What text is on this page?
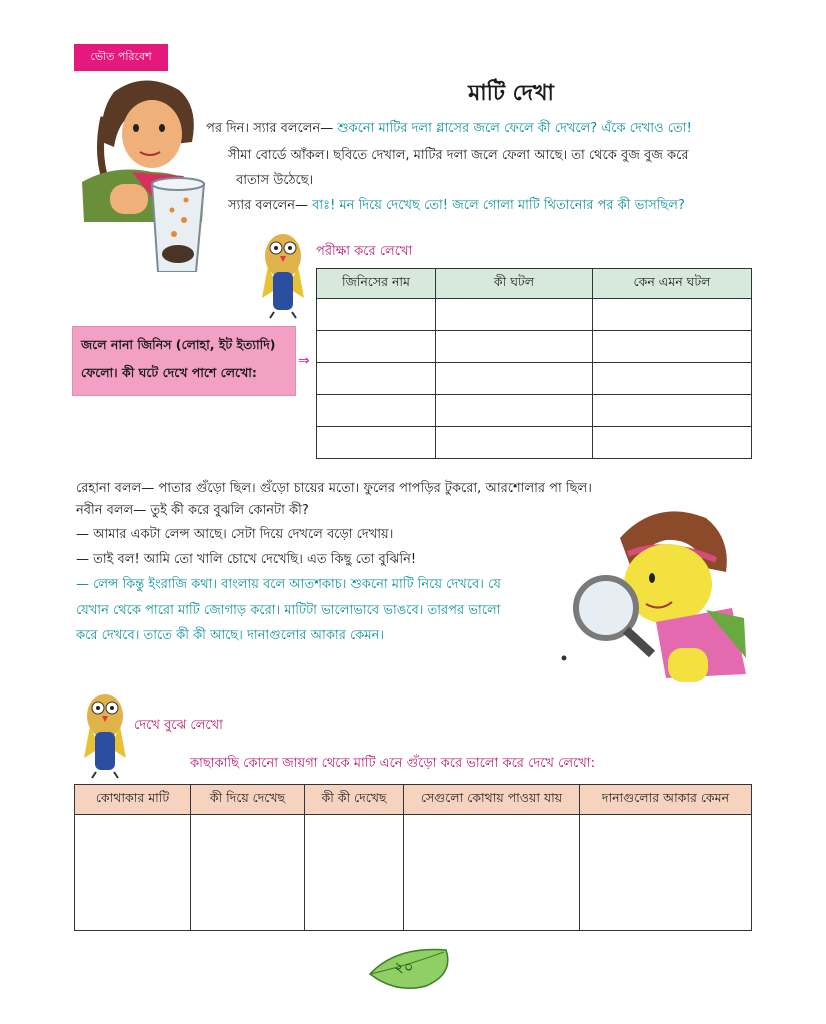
ভৌত পরিবেশ
মাটি দেখা
পর দিন। স্যার বললেন— শুকনো মাটির দলা গ্লাসের জলে ফেলে কী দেখলে? এঁকে দেখাও তো!
সীমা বোর্ডে আঁকল। ছবিতে দেখাল, মাটির দলা জলে ফেলা আছে। তা থেকে বুজ বুজ করে
বাতাস উঠেছে।
স্যার বললেন— বাঃ! মন দিয়ে দেখেছ তো! জলে গোলা মাটি থিতানোর পর কী ভাসছিল?
পরীক্ষা করে লেখো
জলে নানা জিনিস (লোহা, ইট ইত্যাদি)
ফেলো। কী ঘটে দেখে পাশে লেখো:
⇒
জিনিসের নাম	কী ঘটল	কেন এমন ঘটল

রেহানা বলল— পাতার গুঁড়ো ছিল। গুঁড়ো চায়ের মতো। ফুলের পাপড়ির টুকরো, আরশোলার পা ছিল।
নবীন বলল— তুই কী করে বুঝলি কোনটা কী?
— আমার একটা লেন্স আছে। সেটা দিয়ে দেখলে বড়ো দেখায়।
— তাই বল! আমি তো খালি চোখে দেখেছি। এত কিছু তো বুঝিনি!
— লেন্স কিন্তু ইংরাজি কথা। বাংলায় বলে আতশকাচ। শুকনো মাটি নিয়ে দেখবে। যে
যেখান থেকে পারো মাটি জোগাড় করো। মাটিটা ভালোভাবে ভাঙবে। তারপর ভালো
করে দেখবে। তাতে কী কী আছে। দানাগুলোর আকার কেমন।
দেখে বুঝে লেখো
কাছাকাছি কোনো জায়গা থেকে মাটি এনে গুঁড়ো করে ভালো করে দেখে লেখো:
কোথাকার মাটি	কী দিয়ে দেখেছ	কী কী দেখেছ	সেগুলো কোথায় পাওয়া যায়	দানাগুলোর আকার কেমন

২০
